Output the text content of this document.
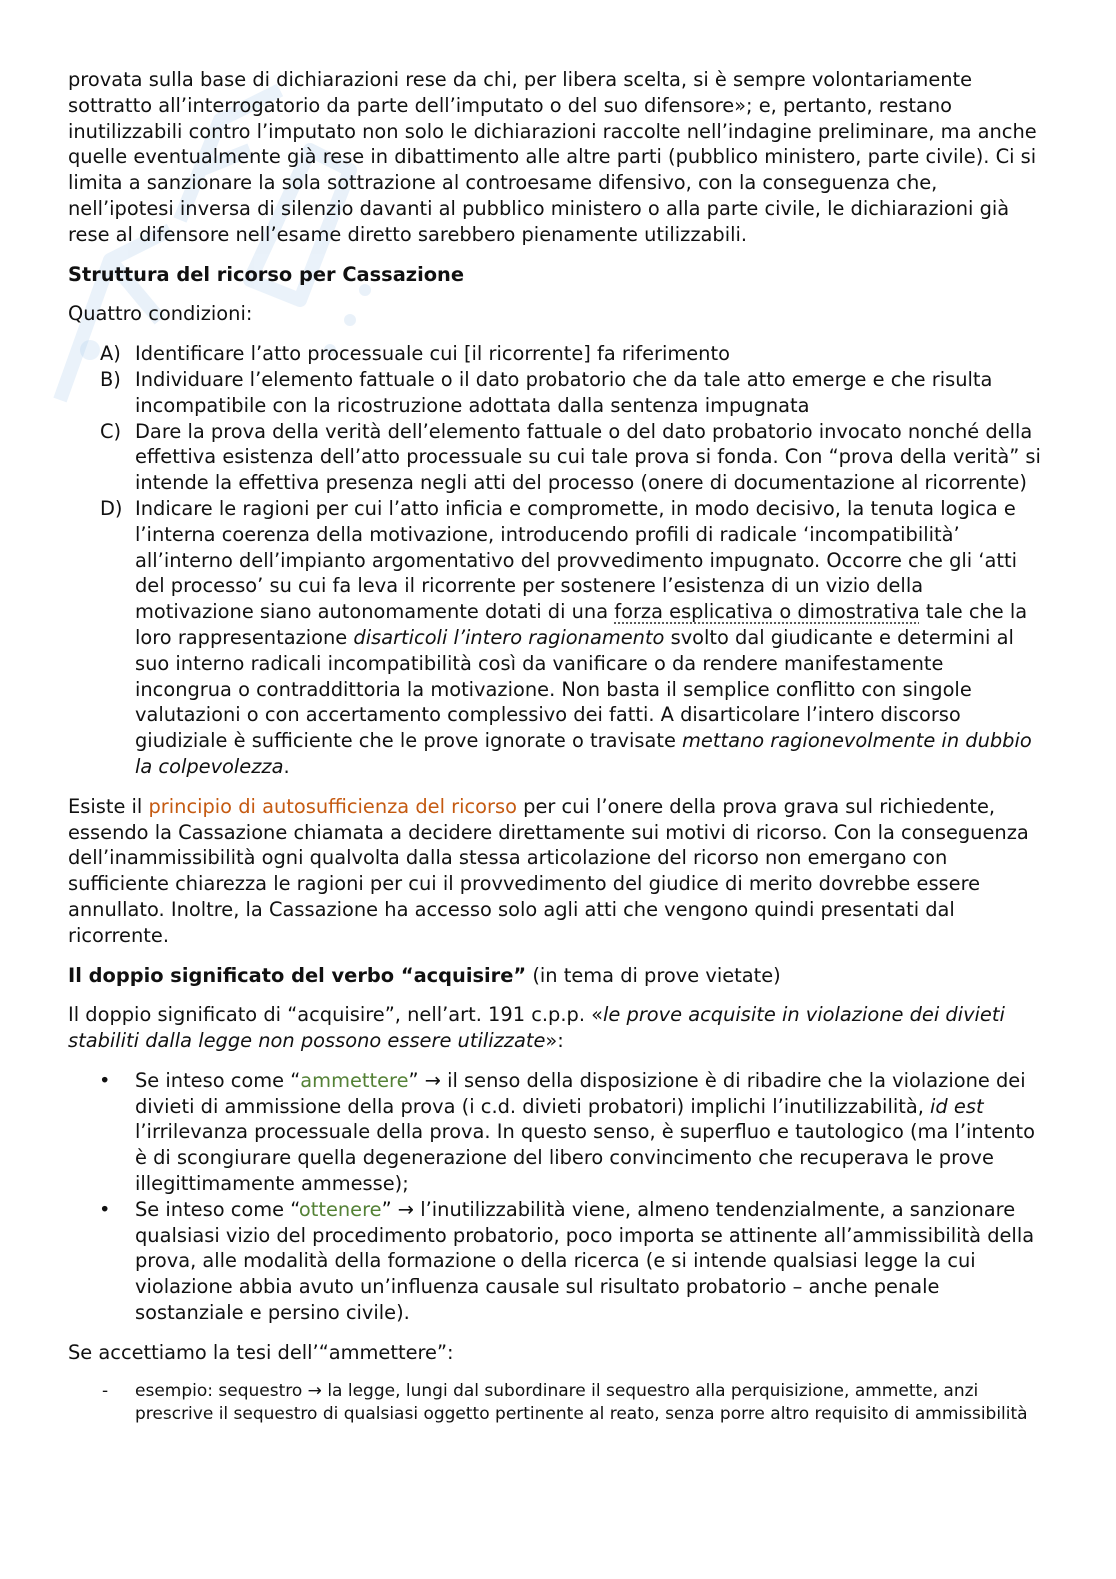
provata sulla base di dichiarazioni rese da chi, per libera scelta, si è sempre volontariamente sottratto all’interrogatorio da parte dell’imputato o del suo difensore»; e, pertanto, restano inutilizzabili contro l’imputato non solo le dichiarazioni raccolte nell’indagine preliminare, ma anche quelle eventualmente già rese in dibattimento alle altre parti (pubblico ministero, parte civile). Ci si limita a sanzionare la sola sottrazione al controesame difensivo, con la conseguenza che, nell’ipotesi inversa di silenzio davanti al pubblico ministero o alla parte civile, le dichiarazioni già rese al difensore nell’esame diretto sarebbero pienamente utilizzabili.

Struttura del ricorso per Cassazione

Quattro condizioni:

A) Identificare l’atto processuale cui [il ricorrente] fa riferimento
B) Individuare l’elemento fattuale o il dato probatorio che da tale atto emerge e che risulta incompatibile con la ricostruzione adottata dalla sentenza impugnata
C) Dare la prova della verità dell’elemento fattuale o del dato probatorio invocato nonché della effettiva esistenza dell’atto processuale su cui tale prova si fonda. Con “prova della verità” si intende la effettiva presenza negli atti del processo (onere di documentazione al ricorrente)
D) Indicare le ragioni per cui l’atto inficia e compromette, in modo decisivo, la tenuta logica e l’interna coerenza della motivazione, introducendo profili di radicale ‘incompatibilità’ all’interno dell’impianto argomentativo del provvedimento impugnato. Occorre che gli ‘atti del processo’ su cui fa leva il ricorrente per sostenere l’esistenza di un vizio della motivazione siano autonomamente dotati di una forza esplicativa o dimostrativa tale che la loro rappresentazione disarticoli l’intero ragionamento svolto dal giudicante e determini al suo interno radicali incompatibilità così da vanificare o da rendere manifestamente incongrua o contraddittoria la motivazione. Non basta il semplice conflitto con singole valutazioni o con accertamento complessivo dei fatti. A disarticolare l’intero discorso giudiziale è sufficiente che le prove ignorate o travisate mettano ragionevolmente in dubbio la colpevolezza.

Esiste il principio di autosufficienza del ricorso per cui l’onere della prova grava sul richiedente, essendo la Cassazione chiamata a decidere direttamente sui motivi di ricorso. Con la conseguenza dell’inammissibilità ogni qualvolta dalla stessa articolazione del ricorso non emergano con sufficiente chiarezza le ragioni per cui il provvedimento del giudice di merito dovrebbe essere annullato. Inoltre, la Cassazione ha accesso solo agli atti che vengono quindi presentati dal ricorrente.

Il doppio significato del verbo “acquisire” (in tema di prove vietate)

Il doppio significato di “acquisire”, nell’art. 191 c.p.p. «le prove acquisite in violazione dei divieti stabiliti dalla legge non possono essere utilizzate»:

• Se inteso come “ammettere” → il senso della disposizione è di ribadire che la violazione dei divieti di ammissione della prova (i c.d. divieti probatori) implichi l’inutilizzabilità, id est l’irrilevanza processuale della prova. In questo senso, è superfluo e tautologico (ma l’intento è di scongiurare quella degenerazione del libero convincimento che recuperava le prove illegittimamente ammesse);
• Se inteso come “ottenere” → l’inutilizzabilità viene, almeno tendenzialmente, a sanzionare qualsiasi vizio del procedimento probatorio, poco importa se attinente all’ammissibilità della prova, alle modalità della formazione o della ricerca (e si intende qualsiasi legge la cui violazione abbia avuto un’influenza causale sul risultato probatorio – anche penale sostanziale e persino civile).

Se accettiamo la tesi dell’“ammettere”:

- esempio: sequestro → la legge, lungi dal subordinare il sequestro alla perquisizione, ammette, anzi prescrive il sequestro di qualsiasi oggetto pertinente al reato, senza porre altro requisito di ammissibilità
